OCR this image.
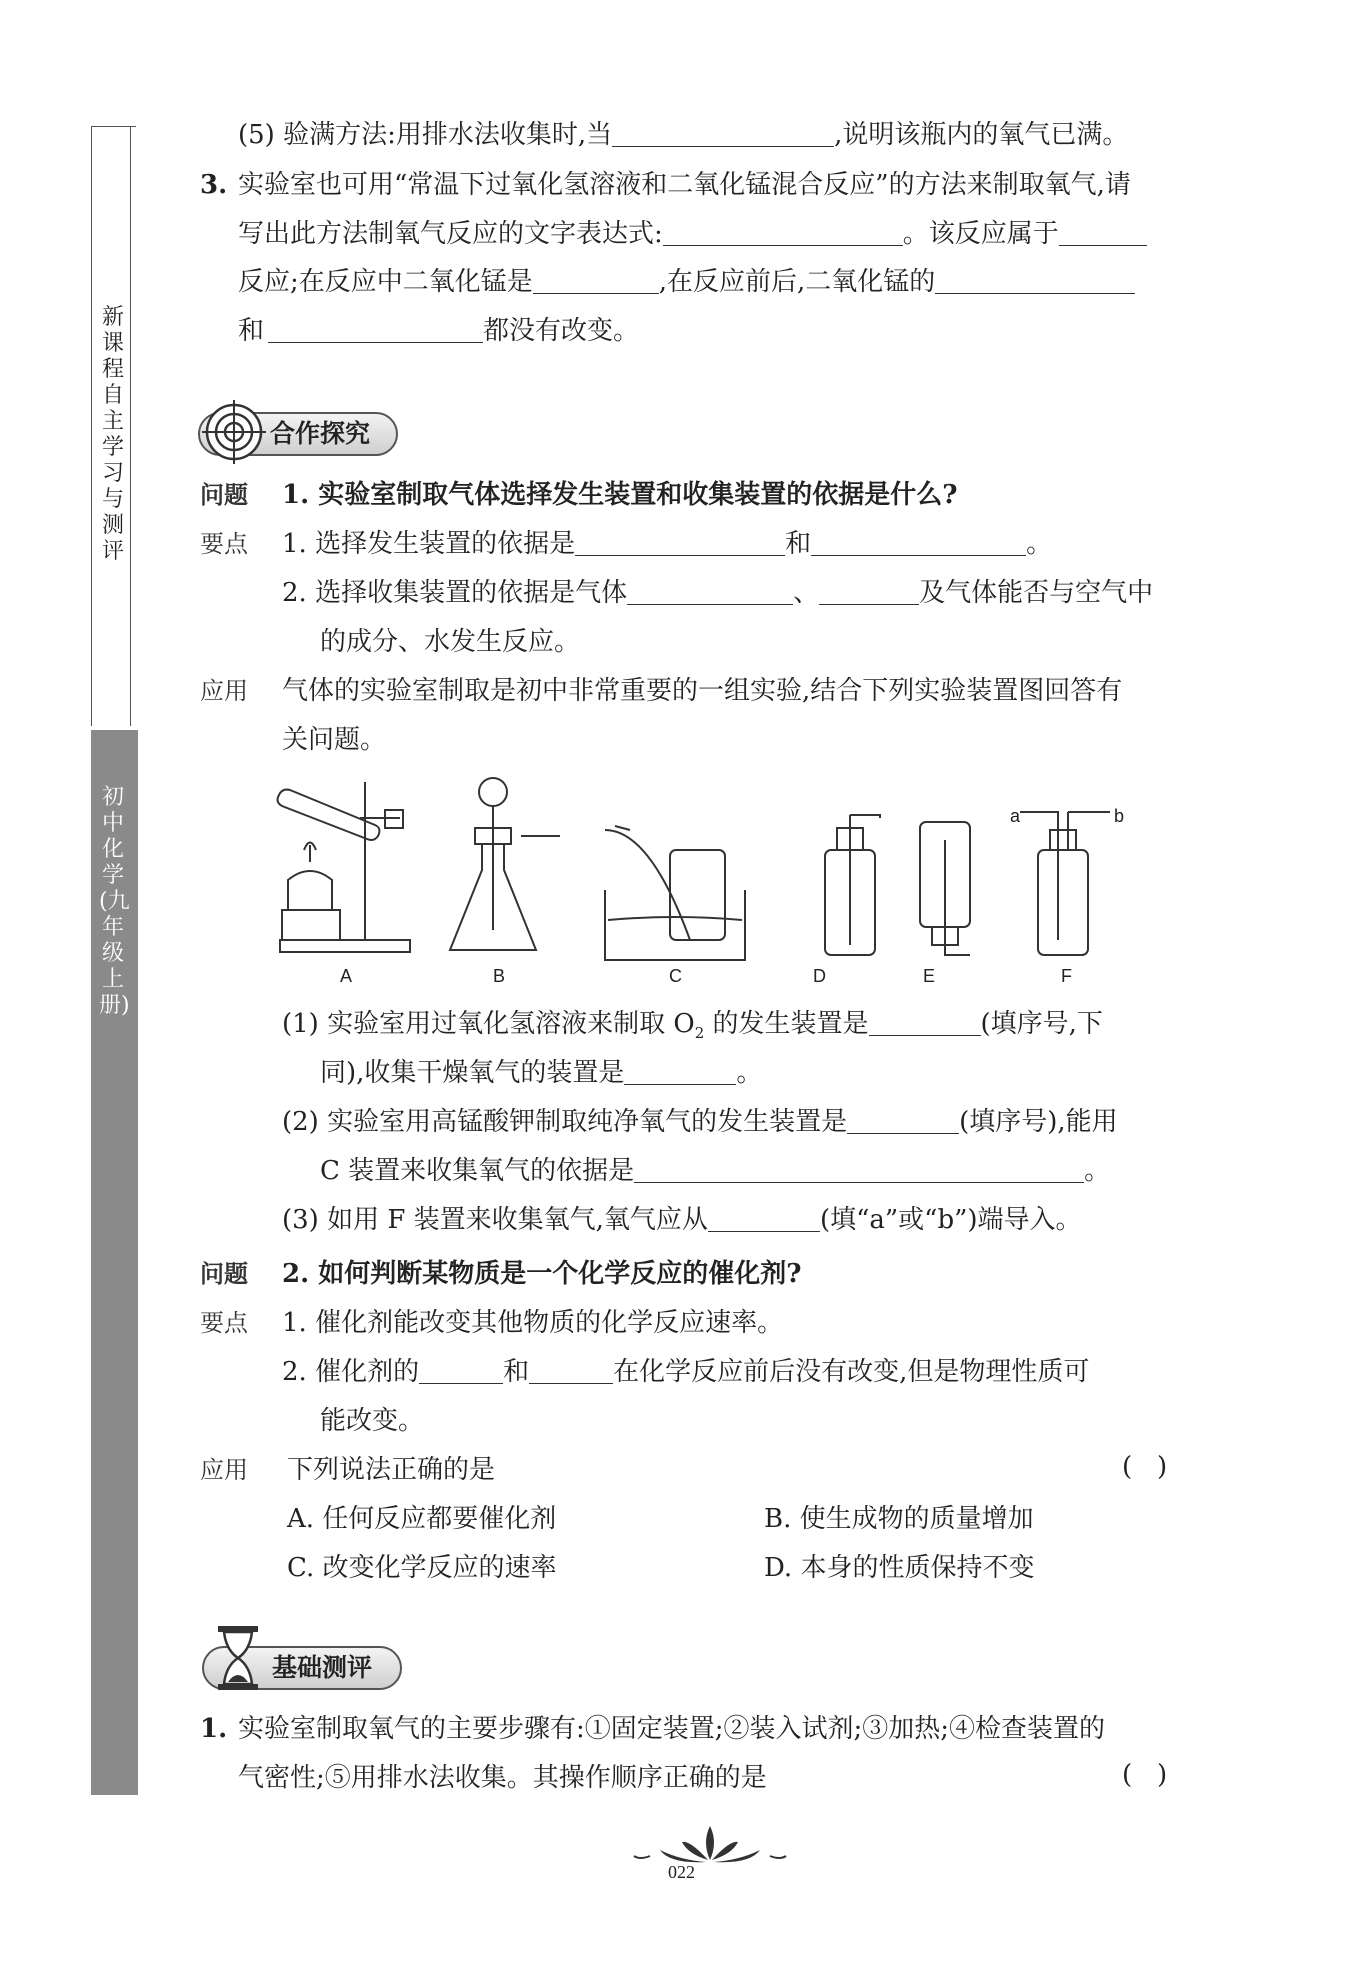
新课程自主学习与测评
初中化学(九年级上册)
(5) 验满方法:用排水法收集时,当	,说明该瓶内的氧气已满。
3. 实验室也可用“常温下过氧化氢溶液和二氧化锰混合反应”的方法来制取氧气,请
写出此方法制氧气反应的文字表达式:	。该反应属于
反应;在反应中二氧化锰是	,在反应前后,二氧化锰的
和	都没有改变。
合作探究
问题 1. 实验室制取气体选择发生装置和收集装置的依据是什么?
要点 1. 选择发生装置的依据是	和	。
2. 选择收集装置的依据是气体	、	及气体能否与空气中
的成分、水发生反应。
应用 气体的实验室制取是初中非常重要的一组实验,结合下列实验装置图回答有
关问题。
A	B	C	D	E	F
a	b
(1) 实验室用过氧化氢溶液来制取 $O_2$ 的发生装置是	(填序号,下
同),收集干燥氧气的装置是	。
(2) 实验室用高锰酸钾制取纯净氧气的发生装置是	(填序号),能用
C 装置来收集氧气的依据是	。
(3) 如用 F 装置来收集氧气,氧气应从	(填“a”或“b”)端导入。
问题 2. 如何判断某物质是一个化学反应的催化剂?
要点 1. 催化剂能改变其他物质的化学反应速率。
2. 催化剂的	和	在化学反应前后没有改变,但是物理性质可
能改变。
应用 下列说法正确的是	(   )
A. 任何反应都要催化剂	B. 使生成物的质量增加
C. 改变化学反应的速率	D. 本身的性质保持不变
基础测评
1. 实验室制取氧气的主要步骤有:①固定装置;②装入试剂;③加热;④检查装置的
气密性;⑤用排水法收集。其操作顺序正确的是	(   )
022
